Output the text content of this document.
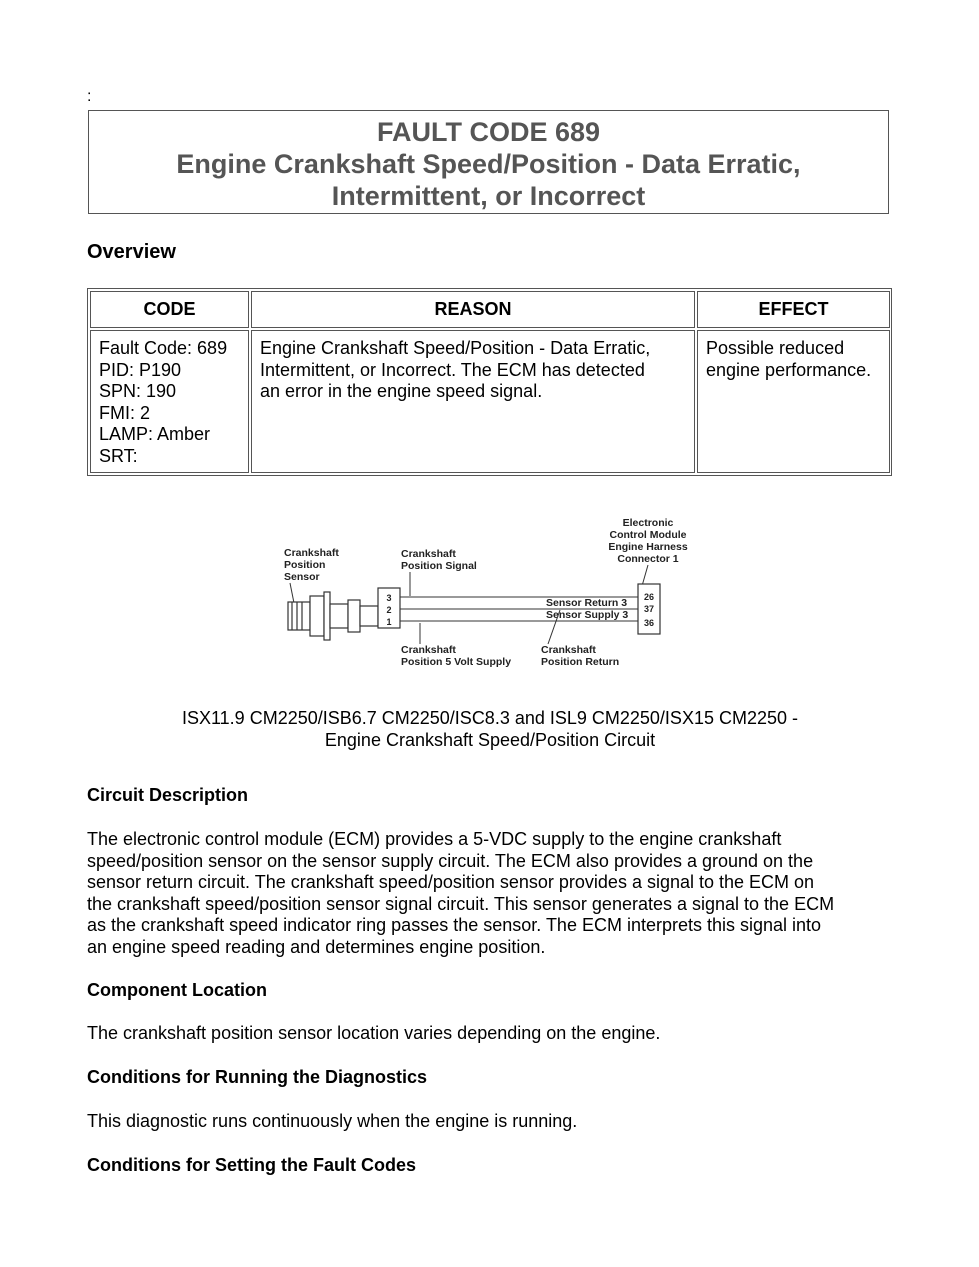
:
FAULT CODE 689
Engine Crankshaft Speed/Position - Data Erratic,
Intermittent, or Incorrect
Overview
CODE	REASON	EFFECT
Fault Code: 689
PID: P190
SPN: 190
FMI: 2
LAMP: Amber
SRT:
Engine Crankshaft Speed/Position - Data Erratic,
Intermittent, or Incorrect. The ECM has detected
an error in the engine speed signal.
Possible reduced
engine performance.
Crankshaft
Position
Sensor
Crankshaft
Position Signal
Electronic
Control Module
Engine Harness
Connector 1
3
2
1
26
37
36
Sensor Return 3
Sensor Supply 3
Crankshaft
Position 5 Volt Supply
Crankshaft
Position Return
ISX11.9 CM2250/ISB6.7 CM2250/ISC8.3 and ISL9 CM2250/ISX15 CM2250 -
Engine Crankshaft Speed/Position Circuit
Circuit Description
The electronic control module (ECM) provides a 5-VDC supply to the engine crankshaft
speed/position sensor on the sensor supply circuit. The ECM also provides a ground on the
sensor return circuit. The crankshaft speed/position sensor provides a signal to the ECM on
the crankshaft speed/position sensor signal circuit. This sensor generates a signal to the ECM
as the crankshaft speed indicator ring passes the sensor. The ECM interprets this signal into
an engine speed reading and determines engine position.
Component Location
The crankshaft position sensor location varies depending on the engine.
Conditions for Running the Diagnostics
This diagnostic runs continuously when the engine is running.
Conditions for Setting the Fault Codes
